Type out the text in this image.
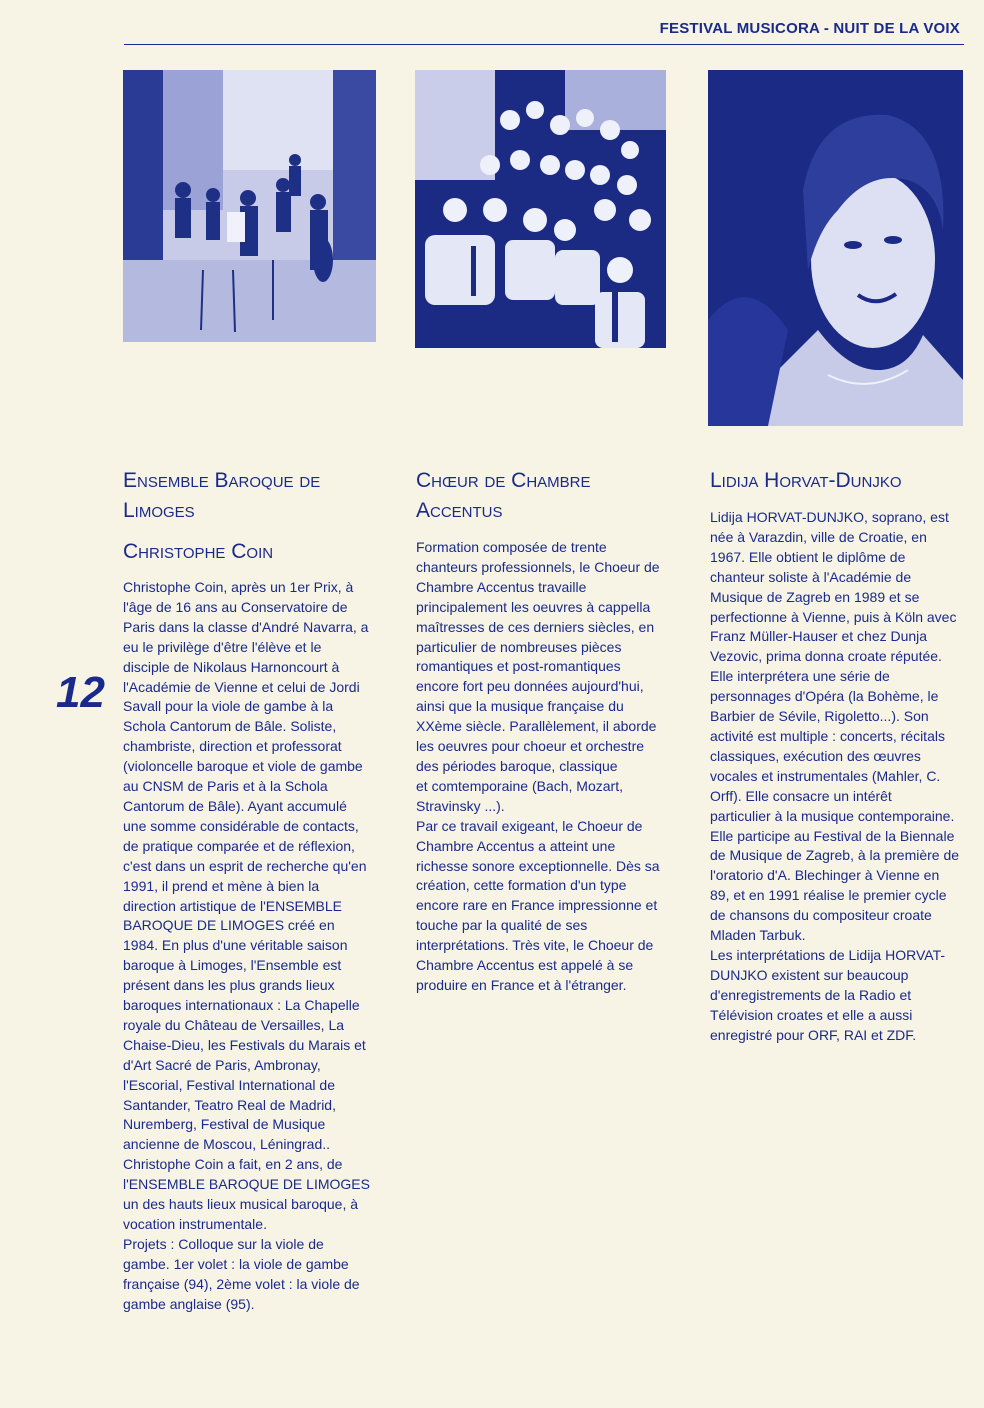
FESTIVAL MUSICORA - NUIT DE LA VOIX
12
Ensemble Baroque de Limoges
Christophe Coin

Christophe Coin, après un 1er Prix, à
l'âge de 16 ans au Conservatoire de
Paris dans la classe d'André Navarra, a
eu le privilège d'être l'élève et le
disciple de Nikolaus Harnoncourt à
l'Académie de Vienne et celui de Jordi
Savall pour la viole de gambe à la
Schola Cantorum de Bâle. Soliste,
chambriste, direction et professorat
(violoncelle baroque et viole de gambe
au CNSM de Paris et à la Schola
Cantorum de Bâle). Ayant accumulé
une somme considérable de contacts,
de pratique comparée et de réflexion,
c'est dans un esprit de recherche qu'en
1991, il prend et mène à bien la
direction artistique de l'ENSEMBLE
BAROQUE DE LIMOGES créé en
1984. En plus d'une véritable saison
baroque à Limoges, l'Ensemble est
présent dans les plus grands lieux
baroques internationaux : La Chapelle
royale du Château de Versailles, La
Chaise-Dieu, les Festivals du Marais et
d'Art Sacré de Paris, Ambronay,
l'Escorial, Festival International de
Santander, Teatro Real de Madrid,
Nuremberg, Festival de Musique
ancienne de Moscou, Léningrad..
Christophe Coin a fait, en 2 ans, de
l'ENSEMBLE BAROQUE DE LIMOGES
un des hauts lieux musical baroque, à
vocation instrumentale.
Projets : Colloque sur la viole de
gambe. 1er volet : la viole de gambe
française (94), 2ème volet : la viole de
gambe anglaise (95).

Chœur de Chambre Accentus

Formation composée de trente
chanteurs professionnels, le Choeur de
Chambre Accentus travaille
principalement les oeuvres à cappella
maîtresses de ces derniers siècles, en
particulier de nombreuses pièces
romantiques et post-romantiques
encore fort peu données aujourd'hui,
ainsi que la musique française du
XXème siècle. Parallèlement, il aborde
les oeuvres pour choeur et orchestre
des périodes baroque, classique
et comtemporaine (Bach, Mozart,
Stravinsky ...).
Par ce travail exigeant, le Choeur de
Chambre Accentus a atteint une
richesse sonore exceptionnelle. Dès sa
création, cette formation d'un type
encore rare en France impressionne et
touche par la qualité de ses
interprétations. Très vite, le Choeur de
Chambre Accentus est appelé à se
produire en France et à l'étranger.

Lidija Horvat-Dunjko

Lidija HORVAT-DUNJKO, soprano, est
née à Varazdin, ville de Croatie, en
1967. Elle obtient le diplôme de
chanteur soliste à l'Académie de
Musique de Zagreb en 1989 et se
perfectionne à Vienne, puis à Köln avec
Franz Müller-Hauser et chez Dunja
Vezovic, prima donna croate réputée.
Elle interprétera une série de
personnages d'Opéra (la Bohème, le
Barbier de Sévile, Rigoletto...). Son
activité est multiple : concerts, récitals
classiques, exécution des œuvres
vocales et instrumentales (Mahler, C.
Orff). Elle consacre un intérêt
particulier à la musique contemporaine.
Elle participe au Festival de la Biennale
de Musique de Zagreb, à la première de
l'oratorio d'A. Blechinger à Vienne en
89, et en 1991 réalise le premier cycle
de chansons du compositeur croate
Mladen Tarbuk.
Les interprétations de Lidija HORVAT-
DUNJKO existent sur beaucoup
d'enregistrements de la Radio et
Télévision croates et elle a aussi
enregistré pour ORF, RAI et ZDF.
